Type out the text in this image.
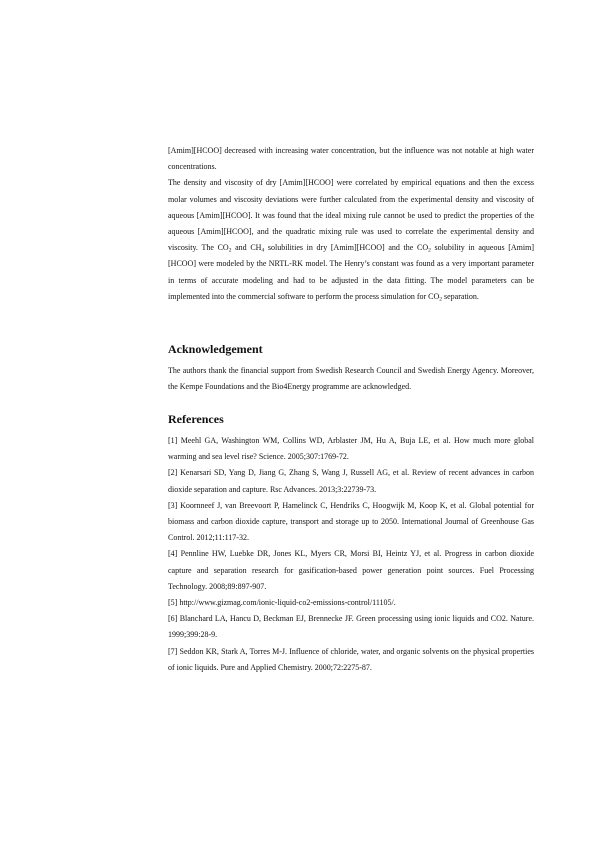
[Amim][HCOO] decreased with increasing water concentration, but the influence was not notable at high water concentrations.

The density and viscosity of dry [Amim][HCOO] were correlated by empirical equations and then the excess molar volumes and viscosity deviations were further calculated from the experimental density and viscosity of aqueous [Amim][HCOO]. It was found that the ideal mixing rule cannot be used to predict the properties of the aqueous [Amim][HCOO], and the quadratic mixing rule was used to correlate the experimental density and viscosity. The $CO_2$ and $CH_4$ solubilities in dry [Amim][HCOO] and the $CO_2$ solubility in aqueous [Amim][HCOO] were modeled by the NRTL-RK model. The Henry’s constant was found as a very important parameter in terms of accurate modeling and had to be adjusted in the data fitting. The model parameters can be implemented into the commercial software to perform the process simulation for $CO_2$ separation.

Acknowledgement

The authors thank the financial support from Swedish Research Council and Swedish Energy Agency. Moreover, the Kempe Foundations and the Bio4Energy programme are acknowledged.

References

[1] Meehl GA, Washington WM, Collins WD, Arblaster JM, Hu A, Buja LE, et al. How much more global warming and sea level rise? Science. 2005;307:1769-72.

[2] Kenarsari SD, Yang D, Jiang G, Zhang S, Wang J, Russell AG, et al. Review of recent advances in carbon dioxide separation and capture. Rsc Advances. 2013;3:22739-73.

[3] Koornneef J, van Breevoort P, Hamelinck C, Hendriks C, Hoogwijk M, Koop K, et al. Global potential for biomass and carbon dioxide capture, transport and storage up to 2050. International Journal of Greenhouse Gas Control. 2012;11:117-32.

[4] Pennline HW, Luebke DR, Jones KL, Myers CR, Morsi BI, Heintz YJ, et al. Progress in carbon dioxide capture and separation research for gasification-based power generation point sources. Fuel Processing Technology. 2008;89:897-907.

[5] http://www.gizmag.com/ionic-liquid-co2-emissions-control/11105/.

[6] Blanchard LA, Hancu D, Beckman EJ, Brennecke JF. Green processing using ionic liquids and CO2. Nature. 1999;399:28-9.

[7] Seddon KR, Stark A, Torres M-J. Influence of chloride, water, and organic solvents on the physical properties of ionic liquids. Pure and Applied Chemistry. 2000;72:2275-87.
